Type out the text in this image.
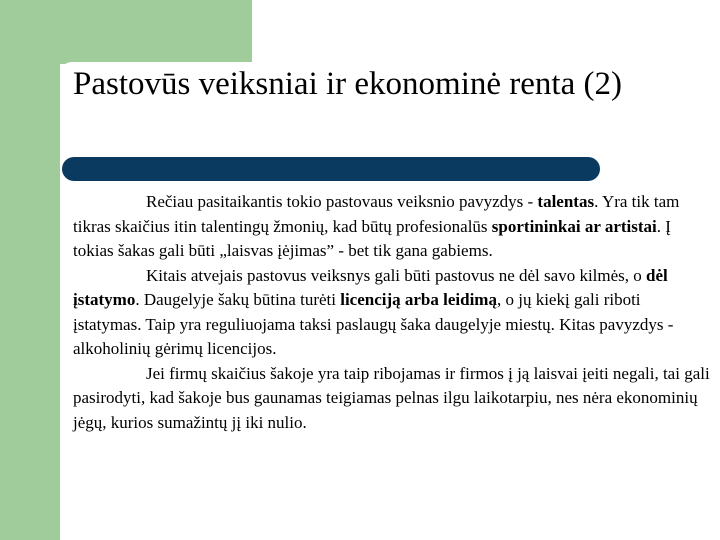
Pastovūs veiksniai ir ekonominė renta (2)

Rečiau pasitaikantis tokio pastovaus veiksnio pavyzdys - talentas. Yra tik tam tikras skaičius itin talentingų žmonių, kad būtų profesionalūs sportininkai ar artistai. Į tokias šakas gali būti „laisvas įėjimas” - bet tik gana gabiems.

Kitais atvejais pastovus veiksnys gali būti pastovus ne dėl savo kilmės, o dėl įstatymo. Daugelyje šakų būtina turėti licenciją arba leidimą, o jų kiekį gali riboti įstatymas. Taip yra reguliuojama taksi paslaugų šaka daugelyje miestų. Kitas pavyzdys - alkoholinių gėrimų licencijos.

Jei firmų skaičius šakoje yra taip ribojamas ir firmos į ją laisvai įeiti negali, tai gali pasirodyti, kad šakoje bus gaunamas teigiamas pelnas ilgu laikotarpiu, nes nėra ekonominių jėgų, kurios sumažintų jį iki nulio.
